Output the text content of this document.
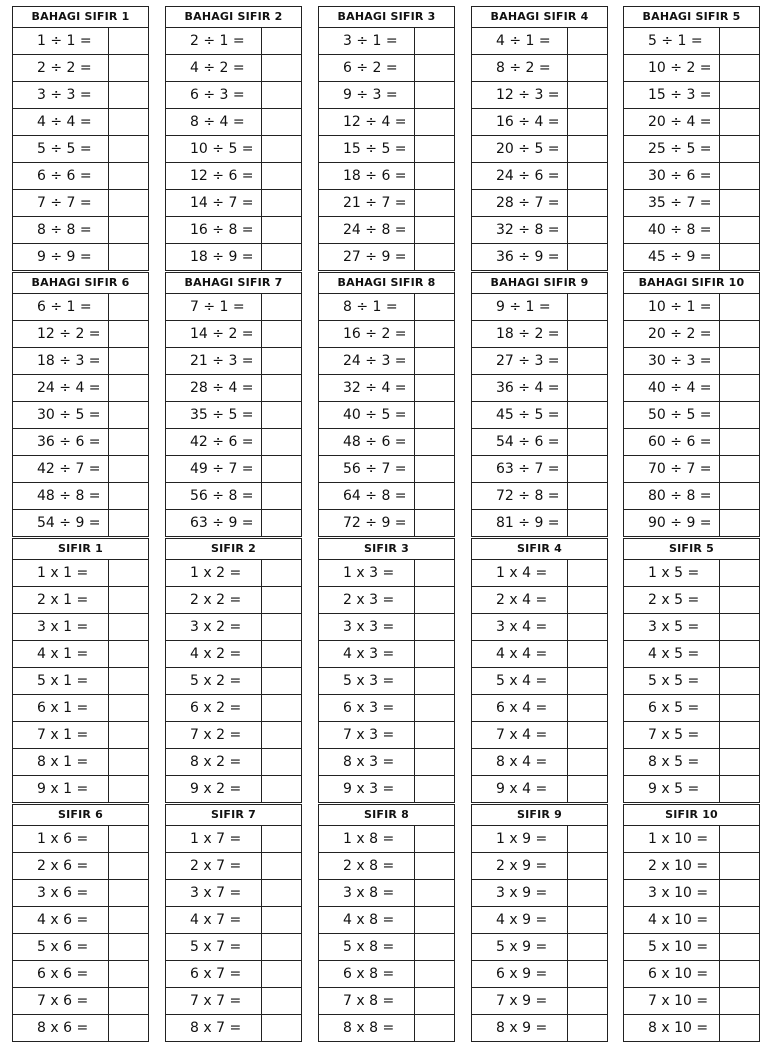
BAHAGI SIFIR 1
1 ÷ 1 =
2 ÷ 2 =
3 ÷ 3 =
4 ÷ 4 =
5 ÷ 5 =
6 ÷ 6 =
7 ÷ 7 =
8 ÷ 8 =
9 ÷ 9 =
BAHAGI SIFIR 2
2 ÷ 1 =
4 ÷ 2 =
6 ÷ 3 =
8 ÷ 4 =
10 ÷ 5 =
12 ÷ 6 =
14 ÷ 7 =
16 ÷ 8 =
18 ÷ 9 =
BAHAGI SIFIR 3
3 ÷ 1 =
6 ÷ 2 =
9 ÷ 3 =
12 ÷ 4 =
15 ÷ 5 =
18 ÷ 6 =
21 ÷ 7 =
24 ÷ 8 =
27 ÷ 9 =
BAHAGI SIFIR 4
4 ÷ 1 =
8 ÷ 2 =
12 ÷ 3 =
16 ÷ 4 =
20 ÷ 5 =
24 ÷ 6 =
28 ÷ 7 =
32 ÷ 8 =
36 ÷ 9 =
BAHAGI SIFIR 5
5 ÷ 1 =
10 ÷ 2 =
15 ÷ 3 =
20 ÷ 4 =
25 ÷ 5 =
30 ÷ 6 =
35 ÷ 7 =
40 ÷ 8 =
45 ÷ 9 =
BAHAGI SIFIR 6
6 ÷ 1 =
12 ÷ 2 =
18 ÷ 3 =
24 ÷ 4 =
30 ÷ 5 =
36 ÷ 6 =
42 ÷ 7 =
48 ÷ 8 =
54 ÷ 9 =
BAHAGI SIFIR 7
7 ÷ 1 =
14 ÷ 2 =
21 ÷ 3 =
28 ÷ 4 =
35 ÷ 5 =
42 ÷ 6 =
49 ÷ 7 =
56 ÷ 8 =
63 ÷ 9 =
BAHAGI SIFIR 8
8 ÷ 1 =
16 ÷ 2 =
24 ÷ 3 =
32 ÷ 4 =
40 ÷ 5 =
48 ÷ 6 =
56 ÷ 7 =
64 ÷ 8 =
72 ÷ 9 =
BAHAGI SIFIR 9
9 ÷ 1 =
18 ÷ 2 =
27 ÷ 3 =
36 ÷ 4 =
45 ÷ 5 =
54 ÷ 6 =
63 ÷ 7 =
72 ÷ 8 =
81 ÷ 9 =
BAHAGI SIFIR 10
10 ÷ 1 =
20 ÷ 2 =
30 ÷ 3 =
40 ÷ 4 =
50 ÷ 5 =
60 ÷ 6 =
70 ÷ 7 =
80 ÷ 8 =
90 ÷ 9 =
SIFIR 1
1 x 1 =
2 x 1 =
3 x 1 =
4 x 1 =
5 x 1 =
6 x 1 =
7 x 1 =
8 x 1 =
9 x 1 =
SIFIR 2
1 x 2 =
2 x 2 =
3 x 2 =
4 x 2 =
5 x 2 =
6 x 2 =
7 x 2 =
8 x 2 =
9 x 2 =
SIFIR 3
1 x 3 =
2 x 3 =
3 x 3 =
4 x 3 =
5 x 3 =
6 x 3 =
7 x 3 =
8 x 3 =
9 x 3 =
SIFIR 4
1 x 4 =
2 x 4 =
3 x 4 =
4 x 4 =
5 x 4 =
6 x 4 =
7 x 4 =
8 x 4 =
9 x 4 =
SIFIR 5
1 x 5 =
2 x 5 =
3 x 5 =
4 x 5 =
5 x 5 =
6 x 5 =
7 x 5 =
8 x 5 =
9 x 5 =
SIFIR 6
1 x 6 =
2 x 6 =
3 x 6 =
4 x 6 =
5 x 6 =
6 x 6 =
7 x 6 =
8 x 6 =
SIFIR 7
1 x 7 =
2 x 7 =
3 x 7 =
4 x 7 =
5 x 7 =
6 x 7 =
7 x 7 =
8 x 7 =
SIFIR 8
1 x 8 =
2 x 8 =
3 x 8 =
4 x 8 =
5 x 8 =
6 x 8 =
7 x 8 =
8 x 8 =
SIFIR 9
1 x 9 =
2 x 9 =
3 x 9 =
4 x 9 =
5 x 9 =
6 x 9 =
7 x 9 =
8 x 9 =
SIFIR 10
1 x 10 =
2 x 10 =
3 x 10 =
4 x 10 =
5 x 10 =
6 x 10 =
7 x 10 =
8 x 10 =
